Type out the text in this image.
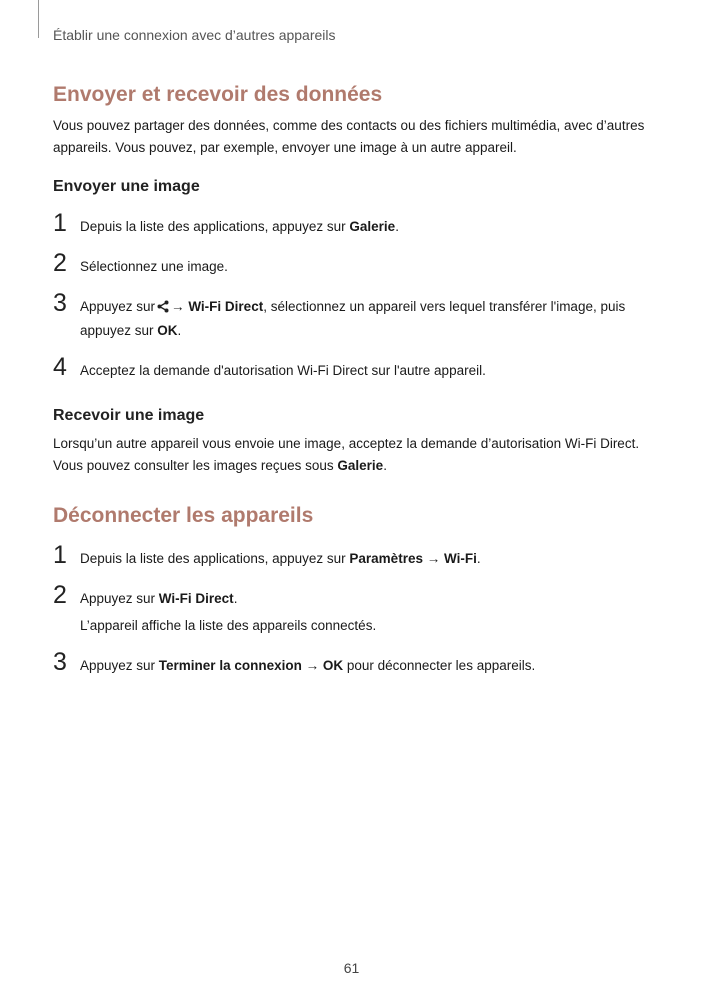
Établir une connexion avec d’autres appareils
Envoyer et recevoir des données

Vous pouvez partager des données, comme des contacts ou des fichiers multimédia, avec d’autres appareils. Vous pouvez, par exemple, envoyer une image à un autre appareil.

Envoyer une image
1 Depuis la liste des applications, appuyez sur Galerie.

2 Sélectionnez une image.

3 Appuyez sur → Wi-Fi Direct, sélectionnez un appareil vers lequel transférer l'image, puis appuyez sur OK.

4 Acceptez la demande d'autorisation Wi-Fi Direct sur l'autre appareil.

Recevoir une image

Lorsqu’un autre appareil vous envoie une image, acceptez la demande d’autorisation Wi-Fi Direct. Vous pouvez consulter les images reçues sous Galerie.

Déconnecter les appareils
1 Depuis la liste des applications, appuyez sur Paramètres → Wi-Fi.

2 Appuyez sur Wi-Fi Direct.

L’appareil affiche la liste des appareils connectés.

3 Appuyez sur Terminer la connexion → OK pour déconnecter les appareils.

61
